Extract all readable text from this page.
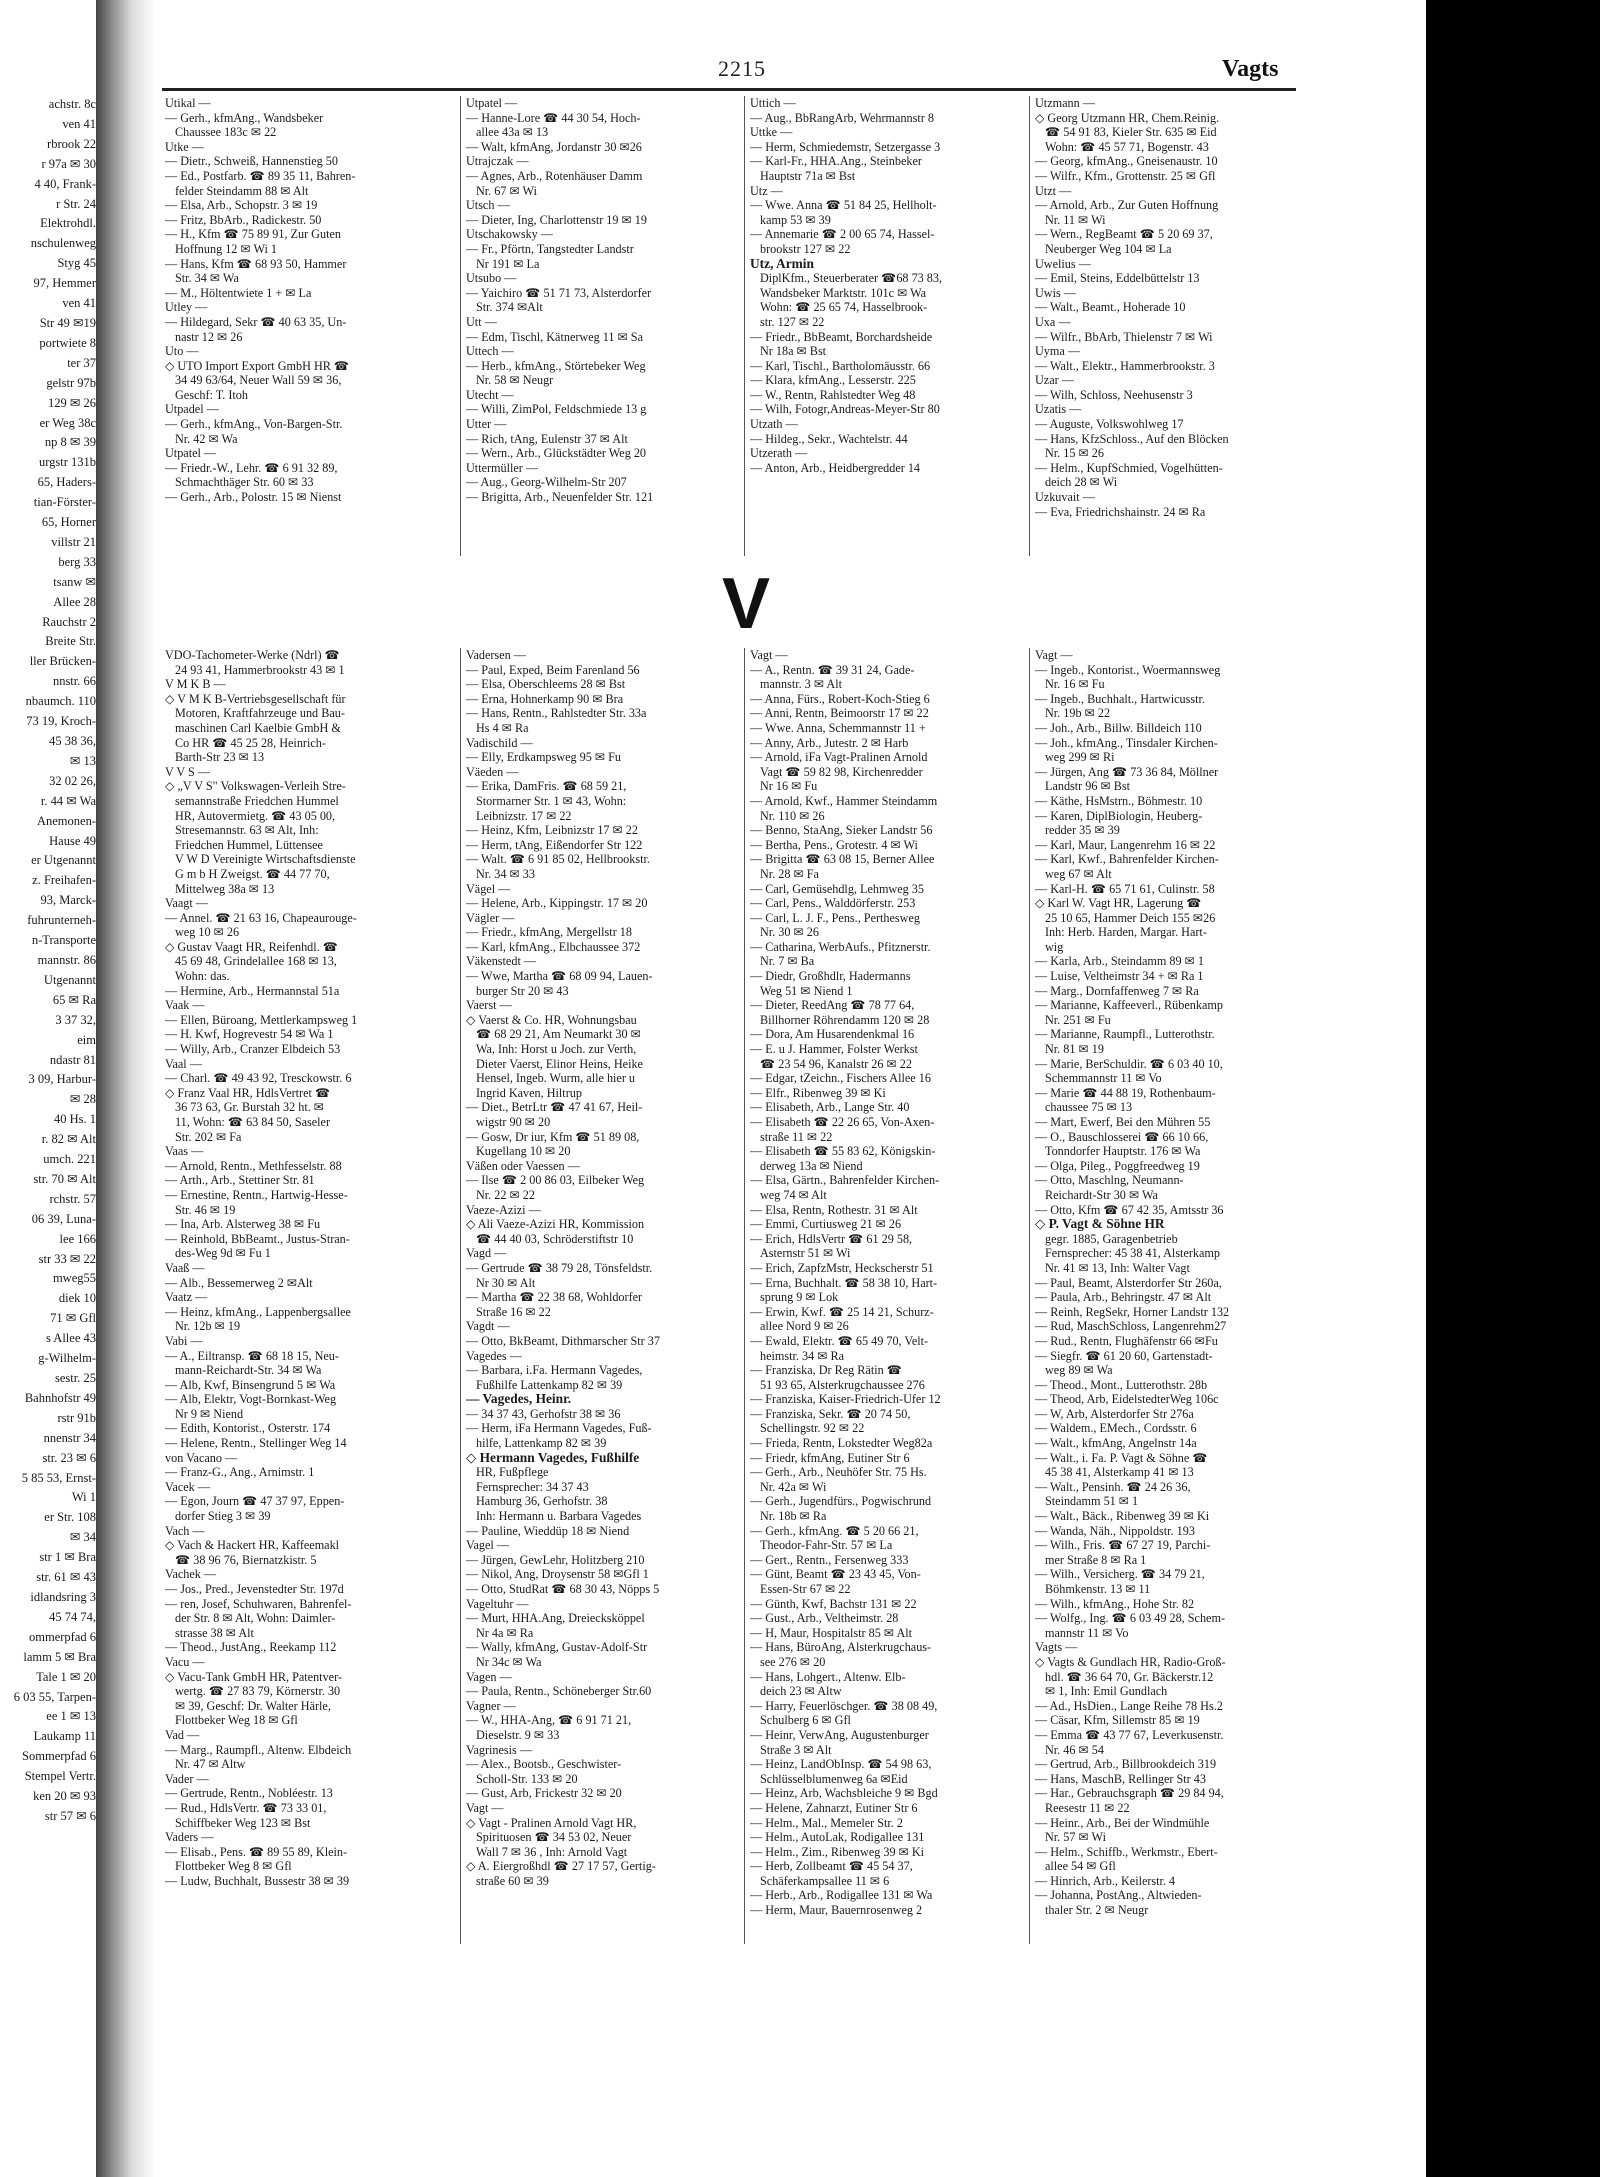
achstr. 8c
ven 41
rbrook 22
r 97a ✉ 30
4 40, Frank-
r Str. 24
Elektrohdl.
nschulenweg
Styg 45
97, Hemmer
ven 41
Str 49 ✉19
portwiete 8
ter 37
gelstr 97b
129 ✉ 26
er Weg 38c
np 8 ✉ 39
urgstr 131b
65, Haders-
tian-Förster-
65, Horner
villstr 21
berg 33
tsanw ✉
Allee 28
Rauchstr 2
Breite Str.
ller Brücken-
nnstr. 66
nbaumch. 110
73 19, Kroch-
45 38 36,
✉ 13
32 02 26,
r. 44 ✉ Wa
Anemonen-
Hause 49
er Utgenannt
z. Freihafen-
93, Marck-
fuhrunterneh-
n-Transporte
mannstr. 86
Utgenannt
65 ✉ Ra
3 37 32,
eim
ndastr 81
3 09, Harbur-
✉ 28
40 Hs. 1
r. 82 ✉ Alt
umch. 221
str. 70 ✉ Alt
rchstr. 57
06 39, Luna-
lee 166
str 33 ✉ 22
mweg55
diek 10
71 ✉ Gfl
s Allee 43
g-Wilhelm-
sestr. 25
Bahnhofstr 49
rstr 91b
nnenstr 34
str. 23 ✉ 6
5 85 53, Ernst-
Wi 1
er Str. 108
✉ 34
str 1 ✉ Bra
str. 61 ✉ 43
idlandsring 3
45 74 74,
ommerpfad 6
lamm 5 ✉ Bra
Tale 1 ✉ 20
6 03 55, Tarpen-
ee 1 ✉ 13
Laukamp 11
Sommerpfad 6
Stempel Vertr.
ken 20 ✉ 93
str 57 ✉ 6
2215	Vagts
Utikal —
— Gerh., kfmAng., Wandsbeker
Chaussee 183c ✉ 22
Utke —
— Dietr., Schweiß, Hannenstieg 50
— Ed., Postfarb. ☎ 89 35 11, Bahren-
felder Steindamm 88 ✉ Alt
— Elsa, Arb., Schopstr. 3 ✉ 19
— Fritz, BbArb., Radickestr. 50
— H., Kfm ☎ 75 89 91, Zur Guten
Hoffnung 12 ✉ Wi 1
— Hans, Kfm ☎ 68 93 50, Hammer
Str. 34 ✉ Wa
— M., Höltentwiete 1 + ✉ La
Utley —
— Hildegard, Sekr ☎ 40 63 35, Un-
nastr 12 ✉ 26
Uto —
◇ UTO Import Export GmbH HR ☎
34 49 63/64, Neuer Wall 59 ✉ 36,
Geschf: T. Itoh
Utpadel —
— Gerh., kfmAng., Von-Bargen-Str.
Nr. 42 ✉ Wa
Utpatel —
— Friedr.-W., Lehr. ☎ 6 91 32 89,
Schmachthäger Str. 60 ✉ 33
— Gerh., Arb., Polostr. 15 ✉ Nienst
Utpatel —
— Hanne-Lore ☎ 44 30 54, Hoch-
allee 43a ✉ 13
— Walt, kfmAng, Jordanstr 30 ✉26
Utrajczak —
— Agnes, Arb., Rotenhäuser Damm
Nr. 67 ✉ Wi
Utsch —
— Dieter, Ing, Charlottenstr 19 ✉ 19
Utschakowsky —
— Fr., Pförtn, Tangstedter Landstr
Nr 191 ✉ La
Utsubo —
— Yaichiro ☎ 51 71 73, Alsterdorfer
Str. 374 ✉Alt
Utt —
— Edm, Tischl, Kätnerweg 11 ✉ Sa
Uttech —
— Herb., kfmAng., Störtebeker Weg
Nr. 58 ✉ Neugr
Utecht —
— Willi, ZimPol, Feldschmiede 13 g
Utter —
— Rich, tAng, Eulenstr 37 ✉ Alt
— Wern., Arb., Glückstädter Weg 20
Uttermüller —
— Aug., Georg-Wilhelm-Str 207
— Brigitta, Arb., Neuenfelder Str. 121
Uttich —
— Aug., BbRangArb, Wehrmannstr 8
Uttke —
— Herm, Schmiedemstr, Setzergasse 3
— Karl-Fr., HHA.Ang., Steinbeker
Hauptstr 71a ✉ Bst
Utz —
— Wwe. Anna ☎ 51 84 25, Hellholt-
kamp 53 ✉ 39
— Annemarie ☎ 2 00 65 74, Hassel-
brookstr 127 ✉ 22
Utz, Armin
DiplKfm., Steuerberater ☎68 73 83,
Wandsbeker Marktstr. 101c ✉ Wa
Wohn: ☎ 25 65 74, Hasselbrook-
str. 127 ✉ 22
— Friedr., BbBeamt, Borchardsheide
Nr 18a ✉ Bst
— Karl, Tischl., Bartholomäusstr. 66
— Klara, kfmAng., Lesserstr. 225
— W., Rentn, Rahlstedter Weg 48
— Wilh, Fotogr,Andreas-Meyer-Str 80
Utzath —
— Hildeg., Sekr., Wachtelstr. 44
Utzerath —
— Anton, Arb., Heidbergredder 14
Utzmann —
◇ Georg Utzmann HR, Chem.Reinig.
☎ 54 91 83, Kieler Str. 635 ✉ Eid
Wohn: ☎ 45 57 71, Bogenstr. 43
— Georg, kfmAng., Gneisenaustr. 10
— Wilfr., Kfm., Grottenstr. 25 ✉ Gfl
Utzt —
— Arnold, Arb., Zur Guten Hoffnung
Nr. 11 ✉ Wi
— Wern., RegBeamt ☎ 5 20 69 37,
Neuberger Weg 104 ✉ La
Uwelius —
— Emil, Steins, Eddelbüttelstr 13
Uwis —
— Walt., Beamt., Hoherade 10
Uxa —
— Wilfr., BbArb, Thielenstr 7 ✉ Wi
Uyma —
— Walt., Elektr., Hammerbrookstr. 3
Uzar —
— Wilh, Schloss, Neehusenstr 3
Uzatis —
— Auguste, Volkswohlweg 17
— Hans, KfzSchloss., Auf den Blöcken
Nr. 15 ✉ 26
— Helm., KupfSchmied, Vogelhütten-
deich 28 ✉ Wi
Uzkuvait —
— Eva, Friedrichshainstr. 24 ✉ Ra
V
VDO-Tachometer-Werke (Ndrl) ☎
24 93 41, Hammerbrookstr 43 ✉ 1
V M K B —
◇ V M K B-Vertriebsgesellschaft für
Motoren, Kraftfahrzeuge und Bau-
maschinen Carl Kaelbie GmbH &
Co HR ☎ 45 25 28, Heinrich-
Barth-Str 23 ✉ 13
V V S —
◇ „V V S" Volkswagen-Verleih Stre-
semannstraße Friedchen Hummel
HR, Autovermietg. ☎ 43 05 00,
Stresemannstr. 63 ✉ Alt, Inh:
Friedchen Hummel, Lüttensee
V W D Vereinigte Wirtschaftsdienste
G m b H Zweigst. ☎ 44 77 70,
Mittelweg 38a ✉ 13
Vaagt —
— Annel. ☎ 21 63 16, Chapeaurouge-
weg 10 ✉ 26
◇ Gustav Vaagt HR, Reifenhdl. ☎
45 69 48, Grindelallee 168 ✉ 13,
Wohn: das.
— Hermine, Arb., Hermannstal 51a
Vaak —
— Ellen, Büroang, Mettlerkampsweg 1
— H. Kwf, Hogrevestr 54 ✉ Wa 1
— Willy, Arb., Cranzer Elbdeich 53
Vaal —
— Charl. ☎ 49 43 92, Tresckowstr. 6
◇ Franz Vaal HR, HdlsVertret ☎
36 73 63, Gr. Burstah 32 ht. ✉
11, Wohn: ☎ 63 84 50, Saseler
Str. 202 ✉ Fa
Vaas —
— Arnold, Rentn., Methfesselstr. 88
— Arth., Arb., Stettiner Str. 81
— Ernestine, Rentn., Hartwig-Hesse-
Str. 46 ✉ 19
— Ina, Arb. Alsterweg 38 ✉ Fu
— Reinhold, BbBeamt., Justus-Stran-
des-Weg 9d ✉ Fu 1
Vaaß —
— Alb., Bessemerweg 2 ✉Alt
Vaatz —
— Heinz, kfmAng., Lappenbergsallee
Nr. 12b ✉ 19
Vabi —
— A., Eiltransp. ☎ 68 18 15, Neu-
mann-Reichardt-Str. 34 ✉ Wa
— Alb, Kwf, Binsengrund 5 ✉ Wa
— Alb, Elektr, Vogt-Bornkast-Weg
Nr 9 ✉ Niend
— Edith, Kontorist., Osterstr. 174
— Helene, Rentn., Stellinger Weg 14
von Vacano —
— Franz-G., Ang., Arnimstr. 1
Vacek —
— Egon, Journ ☎ 47 37 97, Eppen-
dorfer Stieg 3 ✉ 39
Vach —
◇ Vach & Hackert HR, Kaffeemakl
☎ 38 96 76, Biernatzkistr. 5
Vachek —
— Jos., Pred., Jevenstedter Str. 197d
— ren, Josef, Schuhwaren, Bahrenfel-
der Str. 8 ✉ Alt, Wohn: Daimler-
strasse 38 ✉ Alt
— Theod., JustAng., Reekamp 112
Vacu —
◇ Vacu-Tank GmbH HR, Patentver-
wertg. ☎ 27 83 79, Körnerstr. 30
✉ 39, Geschf: Dr. Walter Härle,
Flottbeker Weg 18 ✉ Gfl
Vad —
— Marg., Raumpfl., Altenw. Elbdeich
Nr. 47 ✉ Altw
Vader —
— Gertrude, Rentn., Nobléestr. 13
— Rud., HdlsVertr. ☎ 73 33 01,
Schiffbeker Weg 123 ✉ Bst
Vaders —
— Elisab., Pens. ☎ 89 55 89, Klein-
Flottbeker Weg 8 ✉ Gfl
— Ludw, Buchhalt, Bussestr 38 ✉ 39
Vadersen —
— Paul, Exped, Beim Farenland 56
— Elsa, Oberschleems 28 ✉ Bst
— Erna, Hohnerkamp 90 ✉ Bra
— Hans, Rentn., Rahlstedter Str. 33a
Hs 4 ✉ Ra
Vadischild —
— Elly, Erdkampsweg 95 ✉ Fu
Väeden —
— Erika, DamFris. ☎ 68 59 21,
Stormarner Str. 1 ✉ 43, Wohn:
Leibnizstr. 17 ✉ 22
— Heinz, Kfm, Leibnizstr 17 ✉ 22
— Herm, tAng, Eißendorfer Str 122
— Walt. ☎ 6 91 85 02, Hellbrookstr.
Nr. 34 ✉ 33
Vägel —
— Helene, Arb., Kippingstr. 17 ✉ 20
Vägler —
— Friedr., kfmAng, Mergellstr 18
— Karl, kfmAng., Elbchaussee 372
Väkenstedt —
— Wwe, Martha ☎ 68 09 94, Lauen-
burger Str 20 ✉ 43
Vaerst —
◇ Vaerst & Co. HR, Wohnungsbau
☎ 68 29 21, Am Neumarkt 30 ✉
Wa, Inh: Horst u Joch. zur Verth,
Dieter Vaerst, Elinor Heins, Heike
Hensel, Ingeb. Wurm, alle hier u
Ingrid Kaven, Hiltrup
— Diet., BetrLtr ☎ 47 41 67, Heil-
wigstr 90 ✉ 20
— Gosw, Dr iur, Kfm ☎ 51 89 08,
Kugellang 10 ✉ 20
Väßen oder Vaessen —
— Ilse ☎ 2 00 86 03, Eilbeker Weg
Nr. 22 ✉ 22
Vaeze-Azizi —
◇ Ali Vaeze-Azizi HR, Kommission
☎ 44 40 03, Schröderstiftstr 10
Vagd —
— Gertrude ☎ 38 79 28, Tönsfeldstr.
Nr 30 ✉ Alt
— Martha ☎ 22 38 68, Wohldorfer
Straße 16 ✉ 22
Vagdt —
— Otto, BkBeamt, Dithmarscher Str 37
Vagedes —
— Barbara, i.Fa. Hermann Vagedes,
Fußhilfe Lattenkamp 82 ✉ 39
— Vagedes, Heinr.
— 34 37 43, Gerhofstr 38 ✉ 36
— Herm, iFa Hermann Vagedes, Fuß-
hilfe, Lattenkamp 82 ✉ 39
◇ Hermann Vagedes, Fußhilfe
HR, Fußpflege
Fernsprecher: 34 37 43
Hamburg 36, Gerhofstr. 38
Inh: Hermann u. Barbara Vagedes
— Pauline, Wieddüp 18 ✉ Niend
Vagel —
— Jürgen, GewLehr, Holitzberg 210
— Nikol, Ang, Droysenstr 58 ✉Gfl 1
— Otto, StudRat ☎ 68 30 43, Nöpps 5
Vageltuhr —
— Murt, HHA.Ang, Dreiecksköppel
Nr 4a ✉ Ra
— Wally, kfmAng, Gustav-Adolf-Str
Nr 34c ✉ Wa
Vagen —
— Paula, Rentn., Schöneberger Str.60
Vagner —
— W., HHA-Ang, ☎ 6 91 71 21,
Dieselstr. 9 ✉ 33
Vagrinesis —
— Alex., Bootsb., Geschwister-
Scholl-Str. 133 ✉ 20
— Gust, Arb, Frickestr 32 ✉ 20
Vagt —
◇ Vagt - Pralinen Arnold Vagt HR,
Spirituosen ☎ 34 53 02, Neuer
Wall 7 ✉ 36 , Inh: Arnold Vagt
◇ A. Eiergroßhdl ☎ 27 17 57, Gertig-
straße 60 ✉ 39
Vagt —
— A., Rentn. ☎ 39 31 24, Gade-
mannstr. 3 ✉ Alt
— Anna, Fürs., Robert-Koch-Stieg 6
— Anni, Rentn, Beimoorstr 17 ✉ 22
— Wwe. Anna, Schemmannstr 11 +
— Anny, Arb., Jutestr. 2 ✉ Harb
— Arnold, iFa Vagt-Pralinen Arnold
Vagt ☎ 59 82 98, Kirchenredder
Nr 16 ✉ Fu
— Arnold, Kwf., Hammer Steindamm
Nr. 110 ✉ 26
— Benno, StaAng, Sieker Landstr 56
— Bertha, Pens., Grotestr. 4 ✉ Wi
— Brigitta ☎ 63 08 15, Berner Allee
Nr. 28 ✉ Fa
— Carl, Gemüsehdlg, Lehmweg 35
— Carl, Pens., Walddörferstr. 253
— Carl, L. J. F., Pens., Perthesweg
Nr. 30 ✉ 26
— Catharina, WerbAufs., Pfitznerstr.
Nr. 7 ✉ Ba
— Diedr, Großhdlr, Hadermanns
Weg 51 ✉ Niend 1
— Dieter, ReedAng ☎ 78 77 64,
Billhorner Röhrendamm 120 ✉ 28
— Dora, Am Husarendenkmal 16
— E. u J. Hammer, Folster Werkst
☎ 23 54 96, Kanalstr 26 ✉ 22
— Edgar, tZeichn., Fischers Allee 16
— Elfr., Ribenweg 39 ✉ Ki
— Elisabeth, Arb., Lange Str. 40
— Elisabeth ☎ 22 26 65, Von-Axen-
straße 11 ✉ 22
— Elisabeth ☎ 55 83 62, Königskin-
derweg 13a ✉ Niend
— Elsa, Gärtn., Bahrenfelder Kirchen-
weg 74 ✉ Alt
— Elsa, Rentn, Rothestr. 31 ✉ Alt
— Emmi, Curtiusweg 21 ✉ 26
— Erich, HdlsVertr ☎ 61 29 58,
Asternstr 51 ✉ Wi
— Erich, ZapfzMstr, Heckscherstr 51
— Erna, Buchhalt. ☎ 58 38 10, Hart-
sprung 9 ✉ Lok
— Erwin, Kwf. ☎ 25 14 21, Schurz-
allee Nord 9 ✉ 26
— Ewald, Elektr. ☎ 65 49 70, Velt-
heimstr. 34 ✉ Ra
— Franziska, Dr Reg Rätin ☎
51 93 65, Alsterkrugchaussee 276
— Franziska, Kaiser-Friedrich-Ufer 12
— Franziska, Sekr. ☎ 20 74 50,
Schellingstr. 92 ✉ 22
— Frieda, Rentn, Lokstedter Weg82a
— Friedr, kfmAng, Eutiner Str 6
— Gerh., Arb., Neuhöfer Str. 75 Hs.
Nr. 42a ✉ Wi
— Gerh., Jugendfürs., Pogwischrund
Nr. 18b ✉ Ra
— Gerh., kfmAng. ☎ 5 20 66 21,
Theodor-Fahr-Str. 57 ✉ La
— Gert., Rentn., Fersenweg 333
— Günt, Beamt ☎ 23 43 45, Von-
Essen-Str 67 ✉ 22
— Günth, Kwf, Bachstr 131 ✉ 22
— Gust., Arb., Veltheimstr. 28
— H, Maur, Hospitalstr 85 ✉ Alt
— Hans, BüroAng, Alsterkrugchaus-
see 276 ✉ 20
— Hans, Lohgert., Altenw. Elb-
deich 23 ✉ Altw
— Harry, Feuerlöschger. ☎ 38 08 49,
Schulberg 6 ✉ Gfl
— Heinr, VerwAng, Augustenburger
Straße 3 ✉ Alt
— Heinz, LandObInsp. ☎ 54 98 63,
Schlüsselblumenweg 6a ✉Eid
— Heinz, Arb, Wachsbleiche 9 ✉ Bgd
— Helene, Zahnarzt, Eutiner Str 6
— Helm., Mal., Memeler Str. 2
— Helm., AutoLak, Rodigallee 131
— Helm., Zim., Ribenweg 39 ✉ Ki
— Herb, Zollbeamt ☎ 45 54 37,
Schäferkampsallee 11 ✉ 6
— Herb., Arb., Rodigallee 131 ✉ Wa
— Herm, Maur, Bauernrosenweg 2
Vagt —
— Ingeb., Kontorist., Woermannsweg
Nr. 16 ✉ Fu
— Ingeb., Buchhalt., Hartwicusstr.
Nr. 19b ✉ 22
— Joh., Arb., Billw. Billdeich 110
— Joh., kfmAng., Tinsdaler Kirchen-
weg 299 ✉ Ri
— Jürgen, Ang ☎ 73 36 84, Möllner
Landstr 96 ✉ Bst
— Käthe, HsMstrn., Böhmestr. 10
— Karen, DiplBiologin, Heuberg-
redder 35 ✉ 39
— Karl, Maur, Langenrehm 16 ✉ 22
— Karl, Kwf., Bahrenfelder Kirchen-
weg 67 ✉ Alt
— Karl-H. ☎ 65 71 61, Culinstr. 58
◇ Karl W. Vagt HR, Lagerung ☎
25 10 65, Hammer Deich 155 ✉26
Inh: Herb. Harden, Margar. Hart-
wig
— Karla, Arb., Steindamm 89 ✉ 1
— Luise, Veltheimstr 34 + ✉ Ra 1
— Marg., Dornfaffenweg 7 ✉ Ra
— Marianne, Kaffeeverl., Rübenkamp
Nr. 251 ✉ Fu
— Marianne, Raumpfl., Lutterothstr.
Nr. 81 ✉ 19
— Marie, BerSchuldir. ☎ 6 03 40 10,
Schemmannstr 11 ✉ Vo
— Marie ☎ 44 88 19, Rothenbaum-
chaussee 75 ✉ 13
— Mart, Ewerf, Bei den Mühren 55
— O., Bauschlosserei ☎ 66 10 66,
Tonndorfer Hauptstr. 176 ✉ Wa
— Olga, Pileg., Poggfreedweg 19
— Otto, Maschlng, Neumann-
Reichardt-Str 30 ✉ Wa
— Otto, Kfm ☎ 67 42 35, Amtsstr 36
◇ P. Vagt & Söhne HR
gegr. 1885, Garagenbetrieb
Fernsprecher: 45 38 41, Alsterkamp
Nr. 41 ✉ 13, Inh: Walter Vagt
— Paul, Beamt, Alsterdorfer Str 260a,
— Paula, Arb., Behringstr. 47 ✉ Alt
— Reinh, RegSekr, Horner Landstr 132
— Rud, MaschSchloss, Langenrehm27
— Rud., Rentn, Flughäfenstr 66 ✉Fu
— Siegfr. ☎ 61 20 60, Gartenstadt-
weg 89 ✉ Wa
— Theod., Mont., Lutterothstr. 28b
— Theod, Arb, EidelstedterWeg 106c
— W, Arb, Alsterdorfer Str 276a
— Waldem., EMech., Cordsstr. 6
— Walt., kfmAng, Angelnstr 14a
— Walt., i. Fa. P. Vagt & Söhne ☎
45 38 41, Alsterkamp 41 ✉ 13
— Walt., Pensinh. ☎ 24 26 36,
Steindamm 51 ✉ 1
— Walt., Bäck., Ribenweg 39 ✉ Ki
— Wanda, Näh., Nippoldstr. 193
— Wilh., Fris. ☎ 67 27 19, Parchi-
mer Straße 8 ✉ Ra 1
— Wilh., Versicherg. ☎ 34 79 21,
Böhmkenstr. 13 ✉ 11
— Wilh., kfmAng., Hohe Str. 82
— Wolfg., Ing. ☎ 6 03 49 28, Schem-
mannstr 11 ✉ Vo
Vagts —
◇ Vagts & Gundlach HR, Radio-Groß-
hdl. ☎ 36 64 70, Gr. Bäckerstr.12
✉ 1, Inh: Emil Gundlach
— Ad., HsDien., Lange Reihe 78 Hs.2
— Cäsar, Kfm, Sillemstr 85 ✉ 19
— Emma ☎ 43 77 67, Leverkusenstr.
Nr. 46 ✉ 54
— Gertrud, Arb., Billbrookdeich 319
— Hans, MaschB, Rellinger Str 43
— Har., Gebrauchsgraph ☎ 29 84 94,
Reesestr 11 ✉ 22
— Heinr., Arb., Bei der Windmühle
Nr. 57 ✉ Wi
— Helm., Schiffb., Werkmstr., Ebert-
allee 54 ✉ Gfl
— Hinrich, Arb., Keilerstr. 4
— Johanna, PostAng., Altwieden-
thaler Str. 2 ✉ Neugr
